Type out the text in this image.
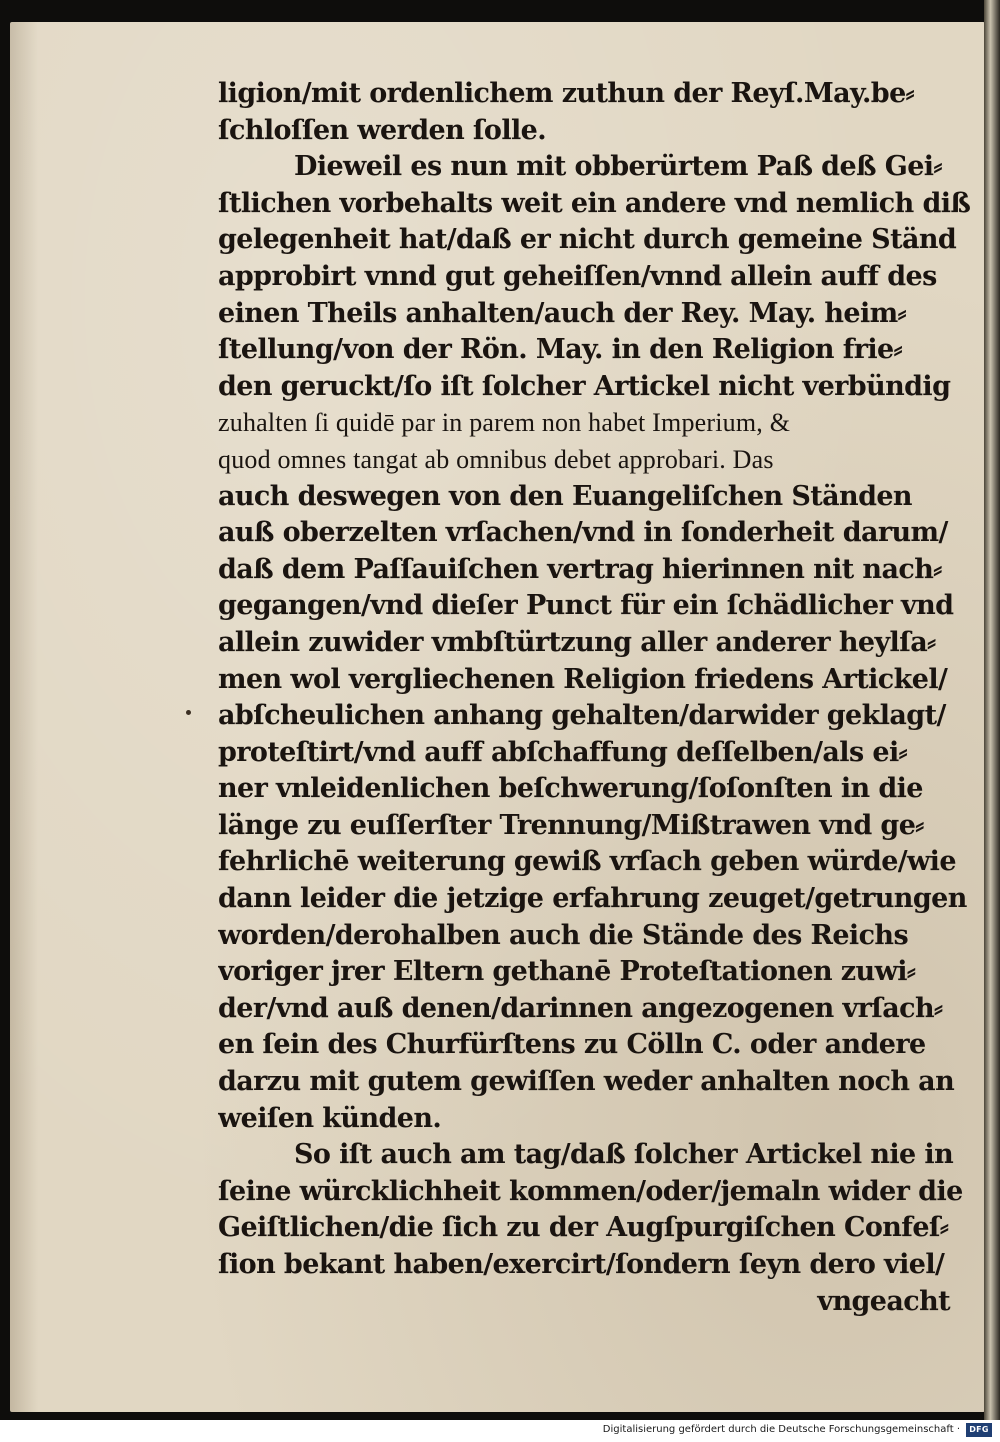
ligion/mit ordenlichem zuthun der Reyſ.May.be⸗
ſchloſſen werden ſolle.
Dieweil es nun mit obberürtem Paß deß Gei⸗
ſtlichen vorbehalts weit ein andere vnd nemlich diß
gelegenheit hat/daß er nicht durch gemeine Ständ
approbirt vnnd gut geheiſſen/vnnd allein auff des
einen Theils anhalten/auch der Rey. May. heim⸗
ſtellung/von der Rön. May. in den Religion frie⸗
den geruckt/ſo iſt ſolcher Artickel nicht verbündig
zuhalten ſi quidē par in parem non habet Imperium, &
quod omnes tangat ab omnibus debet approbari. Das
auch deswegen von den Euangeliſchen Ständen
auß oberzelten vrſachen/vnd in ſonderheit darum/
daß dem Paſſauiſchen vertrag hierinnen nit nach⸗
gegangen/vnd dieſer Punct für ein ſchädlicher vnd
allein zuwider vmbſtürtzung aller anderer heylſa⸗
men wol vergliechenen Religion friedens Artickel/
abſcheulichen anhang gehalten/darwider geklagt/
proteſtirt/vnd auff abſchaffung deſſelben/als ei⸗
ner vnleidenlichen beſchwerung/ſoſonſten in die
länge zu euſſerſter Trennung/Mißtrawen vnd ge⸗
fehrlichē weiterung gewiß vrſach geben würde/wie
dann leider die jetzige erfahrung zeuget/getrungen
worden/derohalben auch die Stände des Reichs
voriger jrer Eltern gethanē Proteſtationen zuwi⸗
der/vnd auß denen/darinnen angezogenen vrſach⸗
en ſein des Churfürſtens zu Cölln C. oder andere
darzu mit gutem gewiſſen weder anhalten noch an
weiſen künden.
So iſt auch am tag/daß ſolcher Artickel nie in
ſeine würcklichheit kommen/oder/jemaln wider die
Geiſtlichen/die ſich zu der Augſpurgiſchen Confeſ⸗
ſion bekant haben/exercirt/ſondern ſeyn dero viel/
vngeacht
Digitalisierung gefördert durch die Deutsche Forschungsgemeinschaft ·	DFG
